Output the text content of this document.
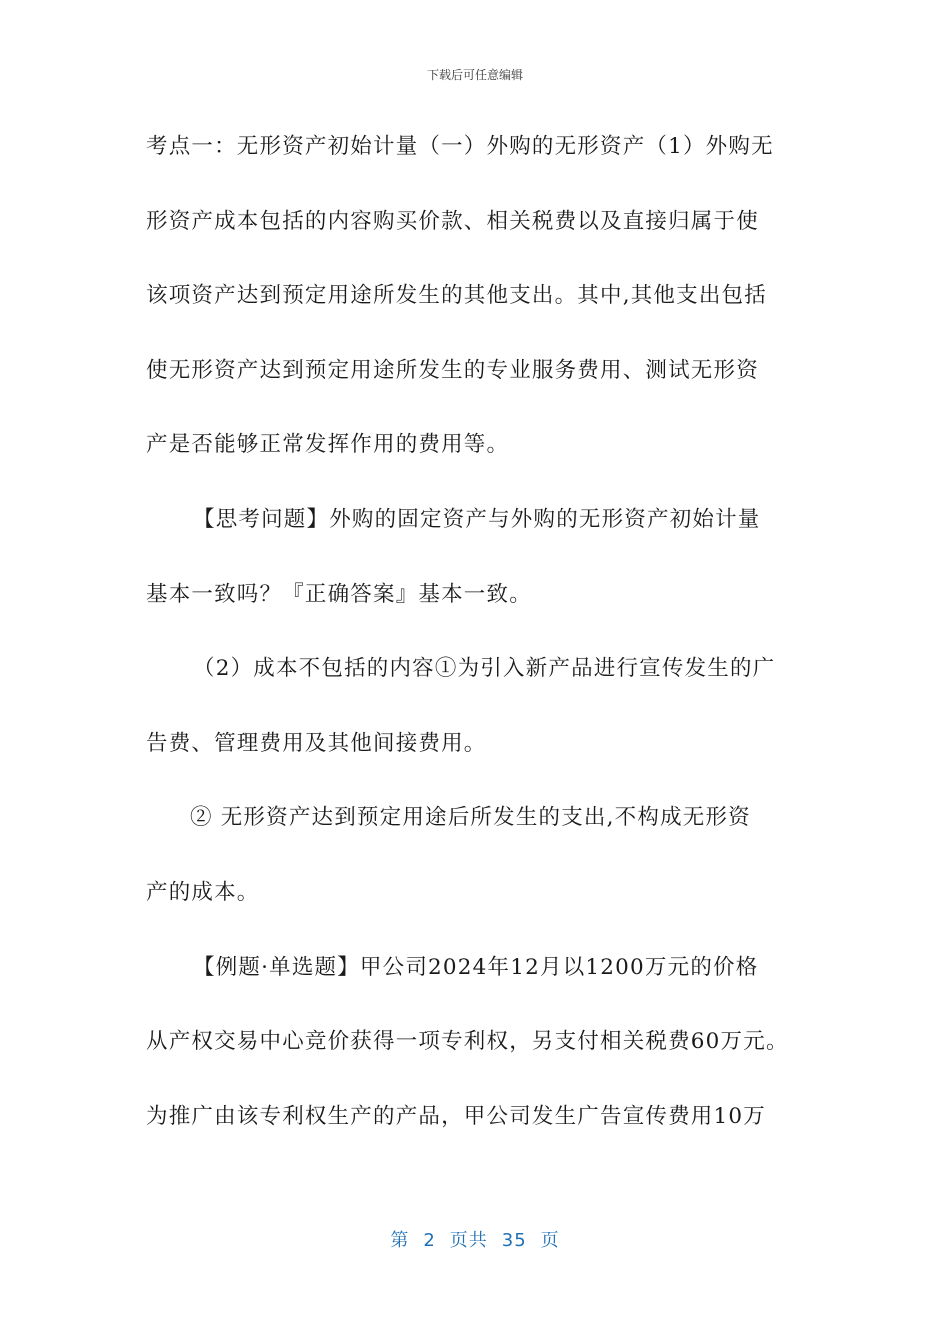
下载后可任意编辑
考点一：无形资产初始计量（一）外购的无形资产（1）外购无
形资产成本包括的内容购买价款、相关税费以及直接归属于使
该项资产达到预定用途所发生的其他支出。其中,其他支出包括
使无形资产达到预定用途所发生的专业服务费用、测试无形资
产是否能够正常发挥作用的费用等。
【思考问题】外购的固定资产与外购的无形资产初始计量
基本一致吗？『正确答案』基本一致。
（2）成本不包括的内容①为引入新产品进行宣传发生的广
告费、管理费用及其他间接费用。
② 无形资产达到预定用途后所发生的支出,不构成无形资
产的成本。
【例题·单选题】甲公司2024年12月以1200万元的价格
从产权交易中心竞价获得一项专利权，另支付相关税费60万元。
为推广由该专利权生产的产品，甲公司发生广告宣传费用10万
第 2 页共 35 页
